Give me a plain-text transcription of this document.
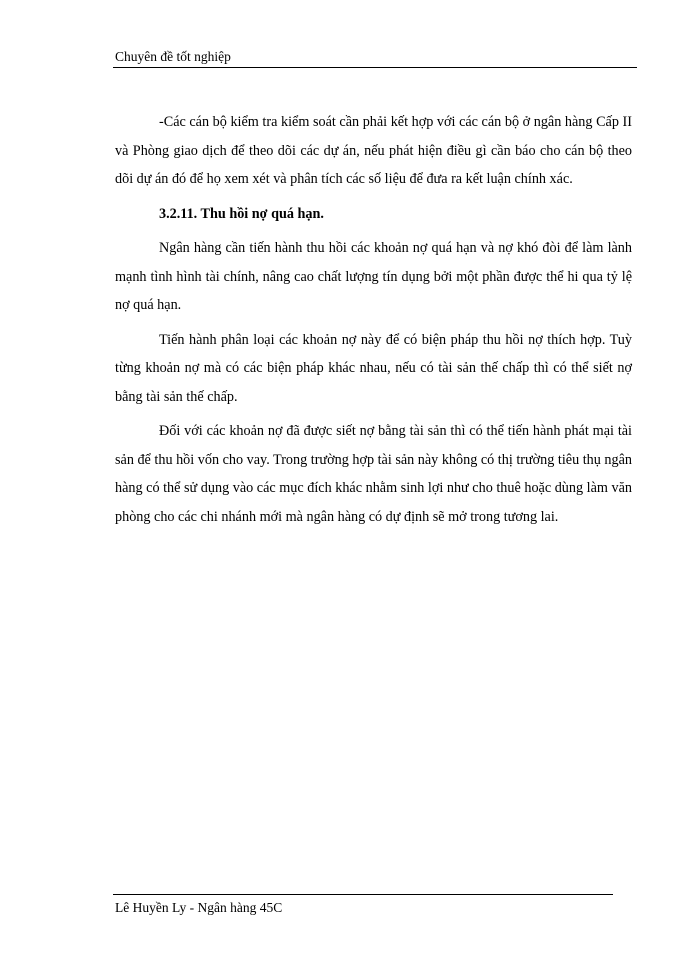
Chuyên đề tốt nghiệp

-Các cán bộ kiểm tra kiểm soát cần phải kết hợp với các cán bộ ở ngân hàng Cấp II và Phòng giao dịch để theo dõi các dự án, nếu phát hiện điều gì cần báo cho cán bộ theo dõi dự án đó để họ xem xét và phân tích các số liệu để đưa ra kết luận chính xác.

3.2.11. Thu hồi nợ quá hạn.

Ngân hàng cần tiến hành thu hồi các khoản nợ quá hạn và nợ khó đòi để làm lành mạnh tình hình tài chính, nâng cao chất lượng tín dụng bởi một phần được thể hi qua tỷ lệ nợ quá hạn.

Tiến hành phân loại các khoản nợ này để có biện pháp thu hồi nợ thích hợp. Tuỳ từng khoản nợ mà có các biện pháp khác nhau, nếu có tài sản thế chấp thì có thể siết nợ bằng tài sản thế chấp.

Đối với các khoản nợ đã được siết nợ bằng tài sản thì có thể tiến hành phát mại tài sản để thu hồi vốn cho vay. Trong trường hợp tài sản này không có thị trường tiêu thụ ngân hàng có thể sử dụng vào các mục đích khác nhằm sinh lợi như cho thuê hoặc dùng làm văn phòng cho các chi nhánh mới mà ngân hàng có dự định sẽ mở trong tương lai.

Lê Huyền Ly - Ngân hàng 45C
